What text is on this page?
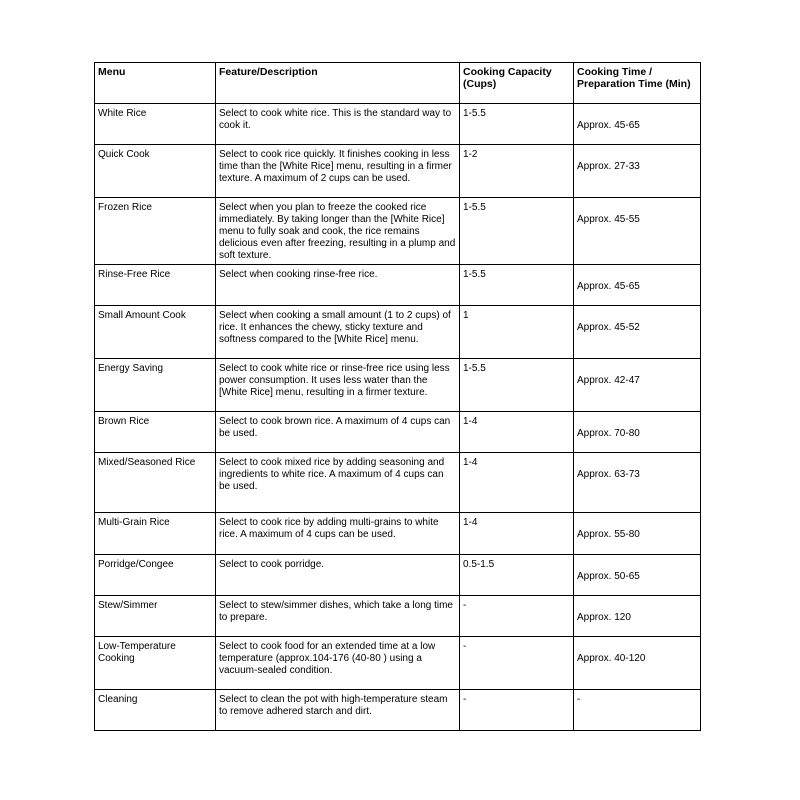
Menu	Feature/Description	Cooking Capacity (Cups)	Cooking Time / Preparation Time (Min)
White Rice	Select to cook white rice. This is the standard way to cook it.	1-5.5	Approx. 45-65
Quick Cook	Select to cook rice quickly. It finishes cooking in less time than the [White Rice] menu, resulting in a firmer texture. A maximum of 2 cups can be used.	1-2	Approx. 27-33
Frozen Rice	Select when you plan to freeze the cooked rice immediately. By taking longer than the [White Rice] menu to fully soak and cook, the rice remains delicious even after freezing, resulting in a plump and soft texture.	1-5.5	Approx. 45-55
Rinse-Free Rice	Select when cooking rinse-free rice.	1-5.5	Approx. 45-65
Small Amount Cook	Select when cooking a small amount (1 to 2 cups) of rice. It enhances the chewy, sticky texture and softness compared to the [White Rice] menu.	1	Approx. 45-52
Energy Saving	Select to cook white rice or rinse-free rice using less power consumption. It uses less water than the [White Rice] menu, resulting in a firmer texture.	1-5.5	Approx. 42-47
Brown Rice	Select to cook brown rice. A maximum of 4 cups can be used.	1-4	Approx. 70-80
Mixed/Seasoned Rice	Select to cook mixed rice by adding seasoning and ingredients to white rice. A maximum of 4 cups can be used.	1-4	Approx. 63-73
Multi-Grain Rice	Select to cook rice by adding multi-grains to white rice. A maximum of 4 cups can be used.	1-4	Approx. 55-80
Porridge/Congee	Select to cook porridge.	0.5-1.5	Approx. 50-65
Stew/Simmer	Select to stew/simmer dishes, which take a long time to prepare.	-	Approx. 120
Low-Temperature Cooking	Select to cook food for an extended time at a low temperature (approx.104-176 (40-80 ) using a vacuum-sealed condition.	-	Approx. 40-120
Cleaning	Select to clean the pot with high-temperature steam to remove adhered starch and dirt.	-	-
